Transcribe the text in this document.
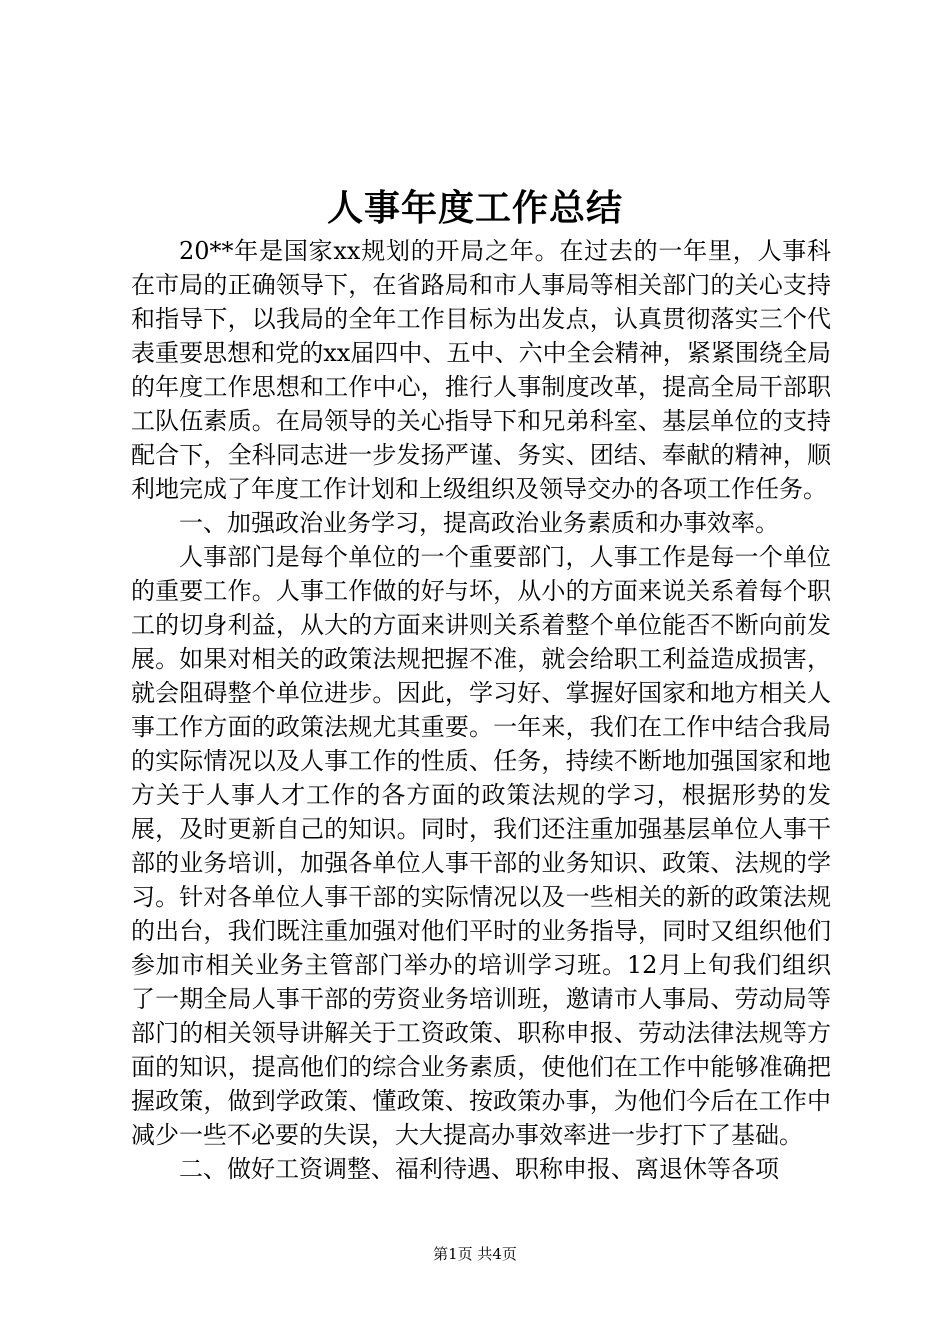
人事年度工作总结

20**年是国家xx规划的开局之年。在过去的一年里，人事科在市局的正确领导下，在省路局和市人事局等相关部门的关心支持和指导下，以我局的全年工作目标为出发点，认真贯彻落实三个代表重要思想和党的xx届四中、五中、六中全会精神，紧紧围绕全局的年度工作思想和工作中心，推行人事制度改革，提高全局干部职工队伍素质。在局领导的关心指导下和兄弟科室、基层单位的支持配合下，全科同志进一步发扬严谨、务实、团结、奉献的精神，顺利地完成了年度工作计划和上级组织及领导交办的各项工作任务。

一、加强政治业务学习，提高政治业务素质和办事效率。

人事部门是每个单位的一个重要部门，人事工作是每一个单位的重要工作。人事工作做的好与坏，从小的方面来说关系着每个职工的切身利益，从大的方面来讲则关系着整个单位能否不断向前发展。如果对相关的政策法规把握不准，就会给职工利益造成损害，就会阻碍整个单位进步。因此，学习好、掌握好国家和地方相关人事工作方面的政策法规尤其重要。一年来，我们在工作中结合我局的实际情况以及人事工作的性质、任务，持续不断地加强国家和地方关于人事人才工作的各方面的政策法规的学习，根据形势的发展，及时更新自己的知识。同时，我们还注重加强基层单位人事干部的业务培训，加强各单位人事干部的业务知识、政策、法规的学习。针对各单位人事干部的实际情况以及一些相关的新的政策法规的出台，我们既注重加强对他们平时的业务指导，同时又组织他们参加市相关业务主管部门举办的培训学习班。12月上旬我们组织了一期全局人事干部的劳资业务培训班，邀请市人事局、劳动局等部门的相关领导讲解关于工资政策、职称申报、劳动法律法规等方面的知识，提高他们的综合业务素质，使他们在工作中能够准确把握政策，做到学政策、懂政策、按政策办事，为他们今后在工作中减少一些不必要的失误，大大提高办事效率进一步打下了基础。

二、做好工资调整、福利待遇、职称申报、离退休等各项

第1页 共4页
